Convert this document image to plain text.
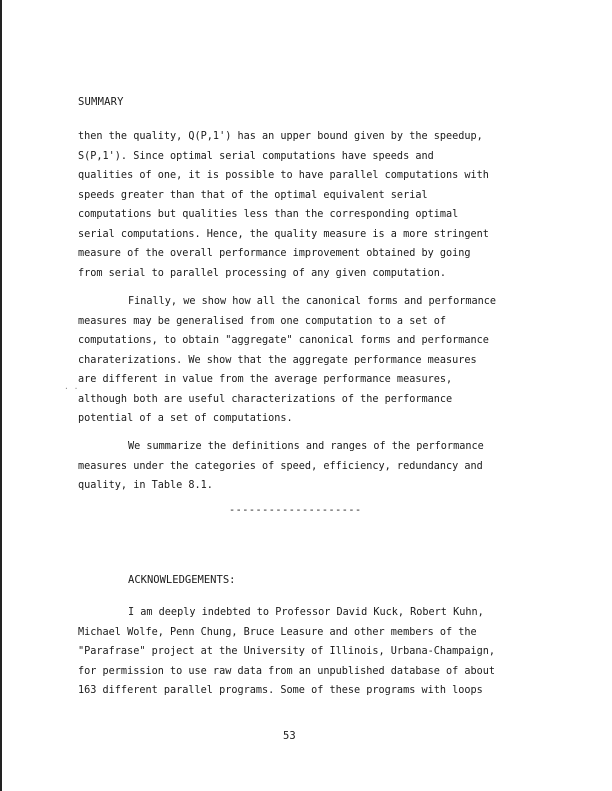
SUMMARY
then the quality, Q(P,1') has an upper bound given by the speedup,
S(P,1'). Since optimal serial computations have speeds and
qualities of one, it is possible to have parallel computations with
speeds greater than that of the optimal equivalent serial
computations but qualities less than the corresponding optimal
serial computations. Hence, the quality measure is a more stringent
measure of the overall performance improvement obtained by going
from serial to parallel processing of any given computation.
Finally, we show how all the canonical forms and performance
measures may be generalised from one computation to a set of
computations, to obtain "aggregate" canonical forms and performance
charaterizations. We show that the aggregate performance measures
are different in value from the average performance measures,
although both are useful characterizations of the performance
potential of a set of computations.
· ·
We summarize the definitions and ranges of the performance
measures under the categories of speed, efficiency, redundancy and
quality, in Table 8.1.
--------------------
ACKNOWLEDGEMENTS:
I am deeply indebted to Professor David Kuck, Robert Kuhn,
Michael Wolfe, Penn Chung, Bruce Leasure and other members of the
"Parafrase" project at the University of Illinois, Urbana-Champaign,
for permission to use raw data from an unpublished database of about
163 different parallel programs. Some of these programs with loops
53
